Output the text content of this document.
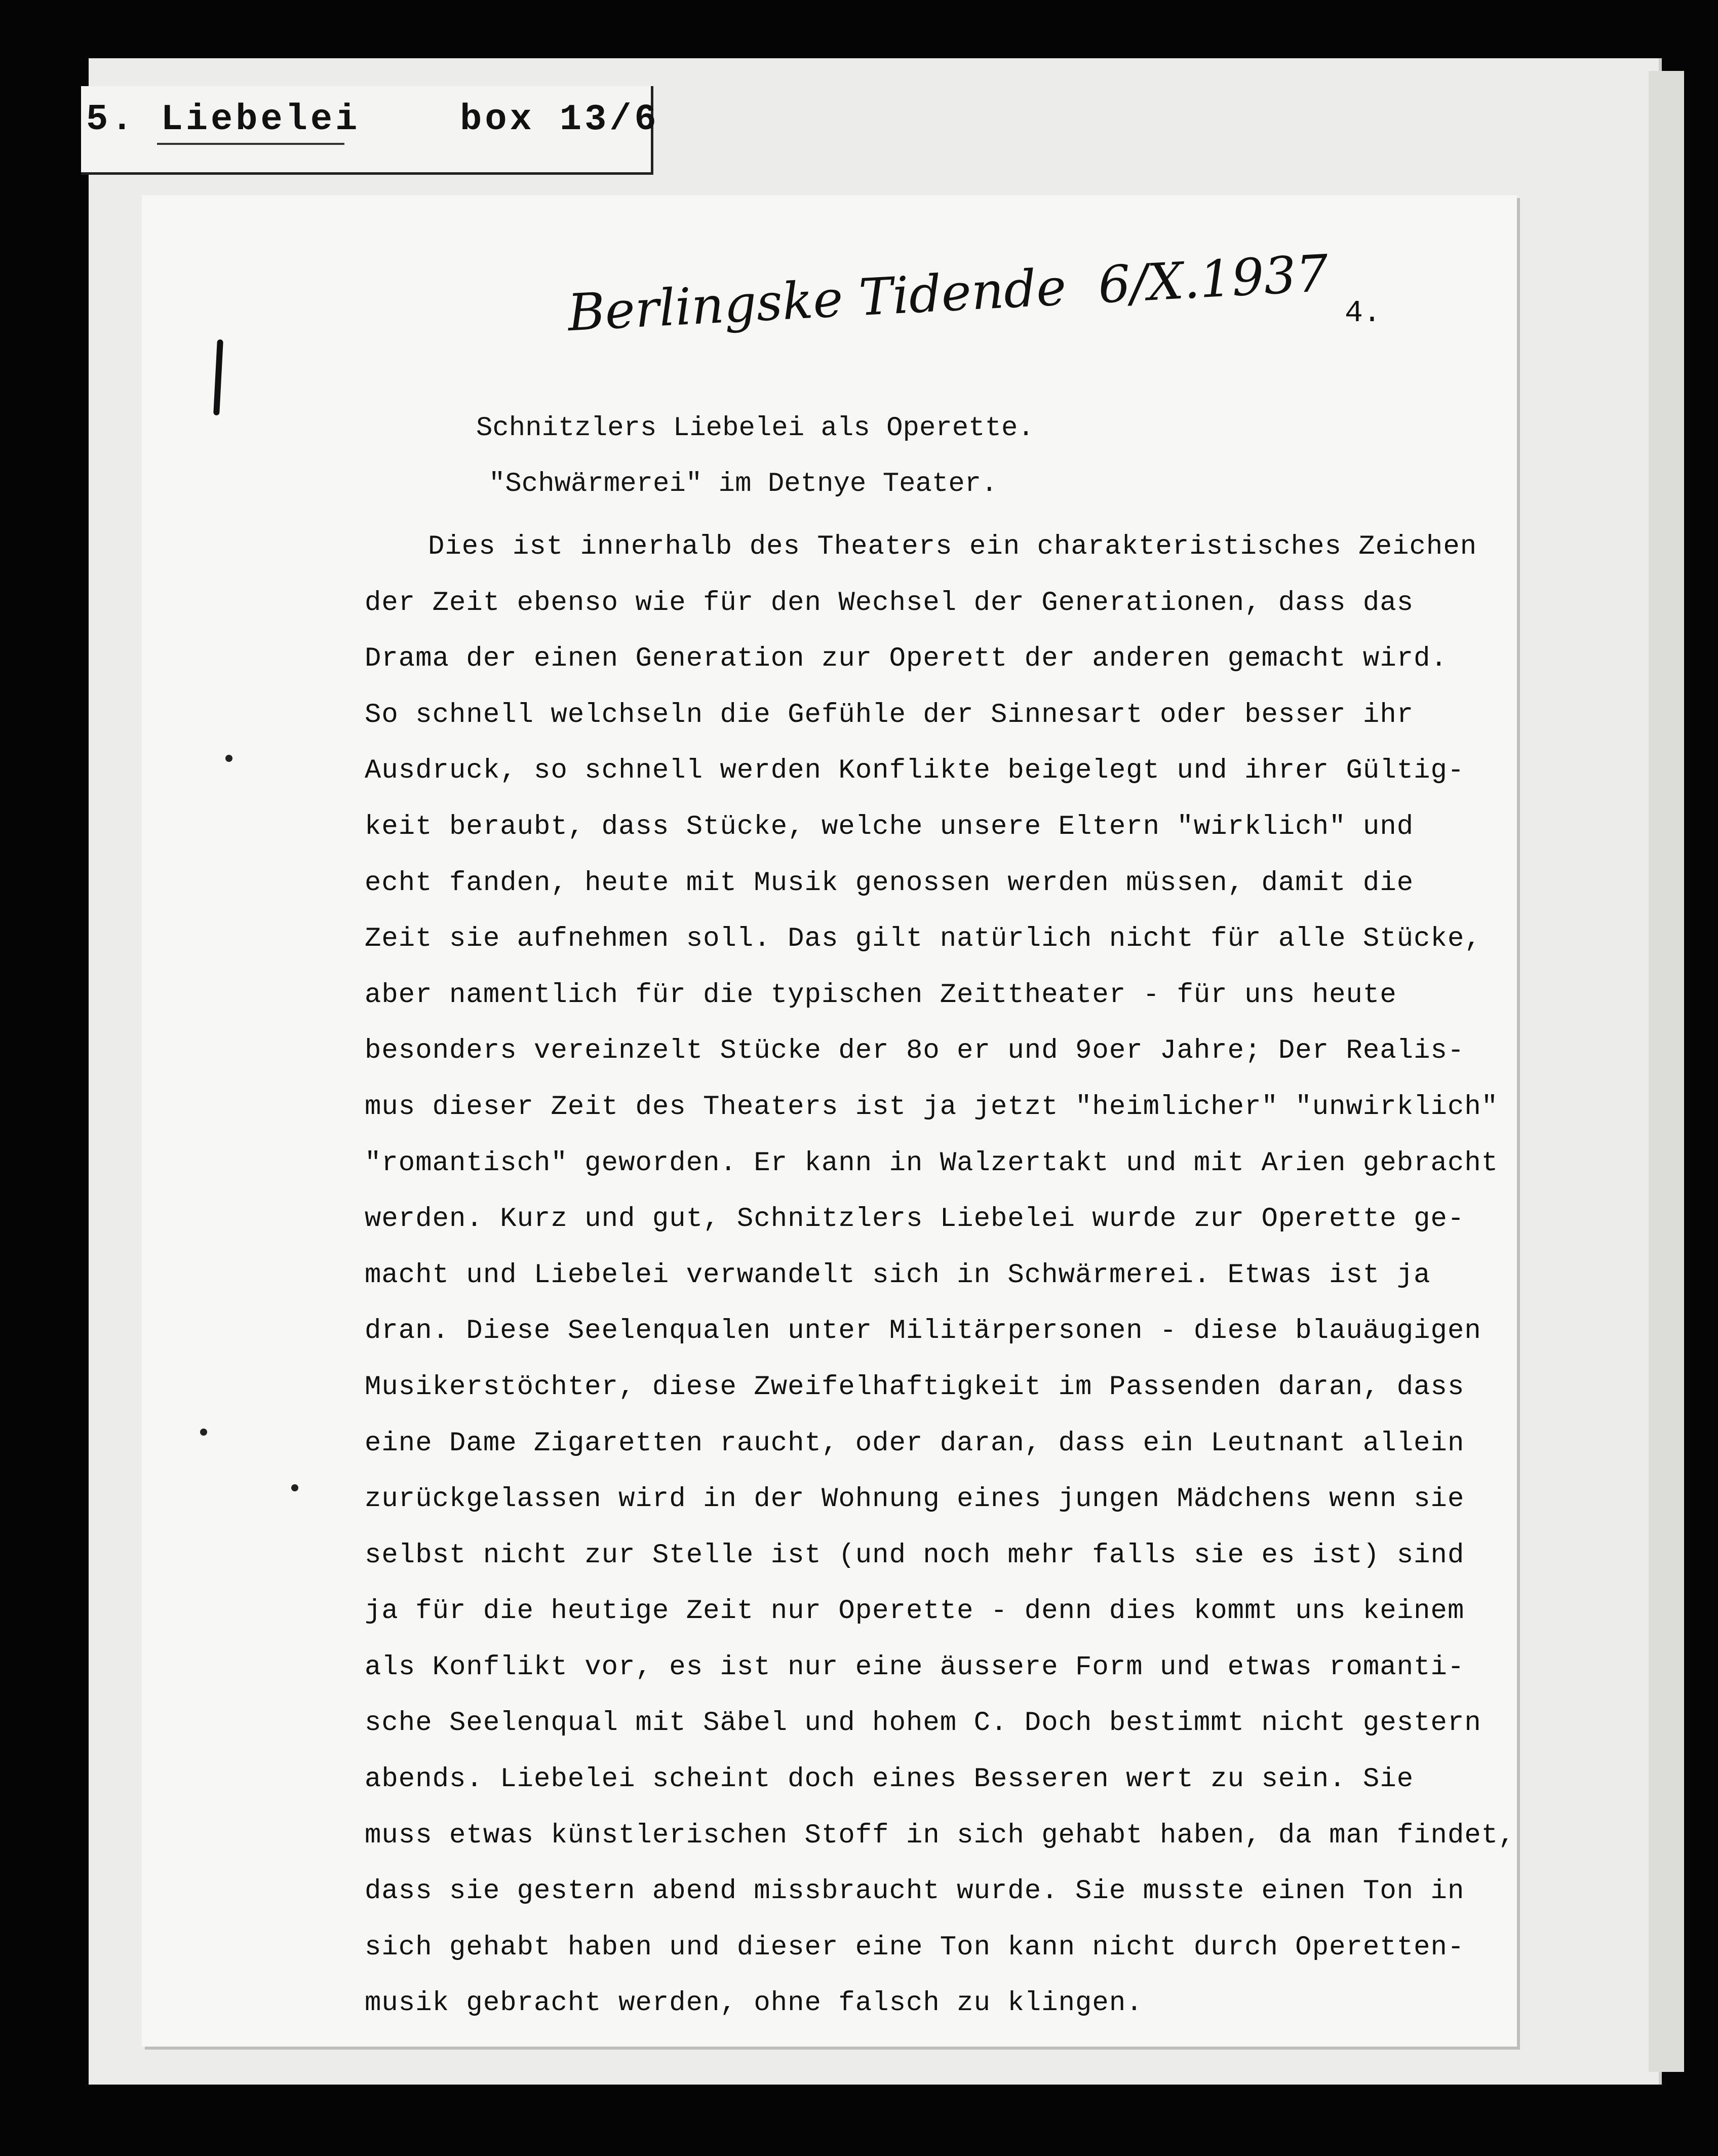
5. Liebelei    box 13/6
Berlingske Tidende  6/X.1937 4.
Schnitzlers Liebelei als Operette.
"Schwärmerei" im Detnye Teater.
Dies ist innerhalb des Theaters ein charakteristisches Zeichen
der Zeit ebenso wie für den Wechsel der Generationen, dass das
Drama der einen Generation zur Operett der anderen gemacht wird.
So schnell welchseln die Gefühle der Sinnesart oder besser ihr
Ausdruck, so schnell werden Konflikte beigelegt und ihrer Gültig-
keit beraubt, dass Stücke, welche unsere Eltern "wirklich" und
echt fanden, heute mit Musik genossen werden müssen, damit die
Zeit sie aufnehmen soll. Das gilt natürlich nicht für alle Stücke,
aber namentlich für die typischen Zeittheater - für uns heute
besonders vereinzelt Stücke der 8o er und 9oer Jahre; Der Realis-
mus dieser Zeit des Theaters ist ja jetzt "heimlicher" "unwirklich"
"romantisch" geworden. Er kann in Walzertakt und mit Arien gebracht
werden. Kurz und gut, Schnitzlers Liebelei wurde zur Operette ge-
macht und Liebelei verwandelt sich in Schwärmerei. Etwas ist ja
dran. Diese Seelenqualen unter Militärpersonen - diese blauäugigen
Musikerstöchter, diese Zweifelhaftigkeit im Passenden daran, dass
eine Dame Zigaretten raucht, oder daran, dass ein Leutnant allein
zurückgelassen wird in der Wohnung eines jungen Mädchens wenn sie
selbst nicht zur Stelle ist (und noch mehr falls sie es ist) sind
ja für die heutige Zeit nur Operette - denn dies kommt uns keinem
als Konflikt vor, es ist nur eine äussere Form und etwas romanti-
sche Seelenqual mit Säbel und hohem C. Doch bestimmt nicht gestern
abends. Liebelei scheint doch eines Besseren wert zu sein. Sie
muss etwas künstlerischen Stoff in sich gehabt haben, da man findet,
dass sie gestern abend missbraucht wurde. Sie musste einen Ton in
sich gehabt haben und dieser eine Ton kann nicht durch Operetten-
musik gebracht werden, ohne falsch zu klingen.
